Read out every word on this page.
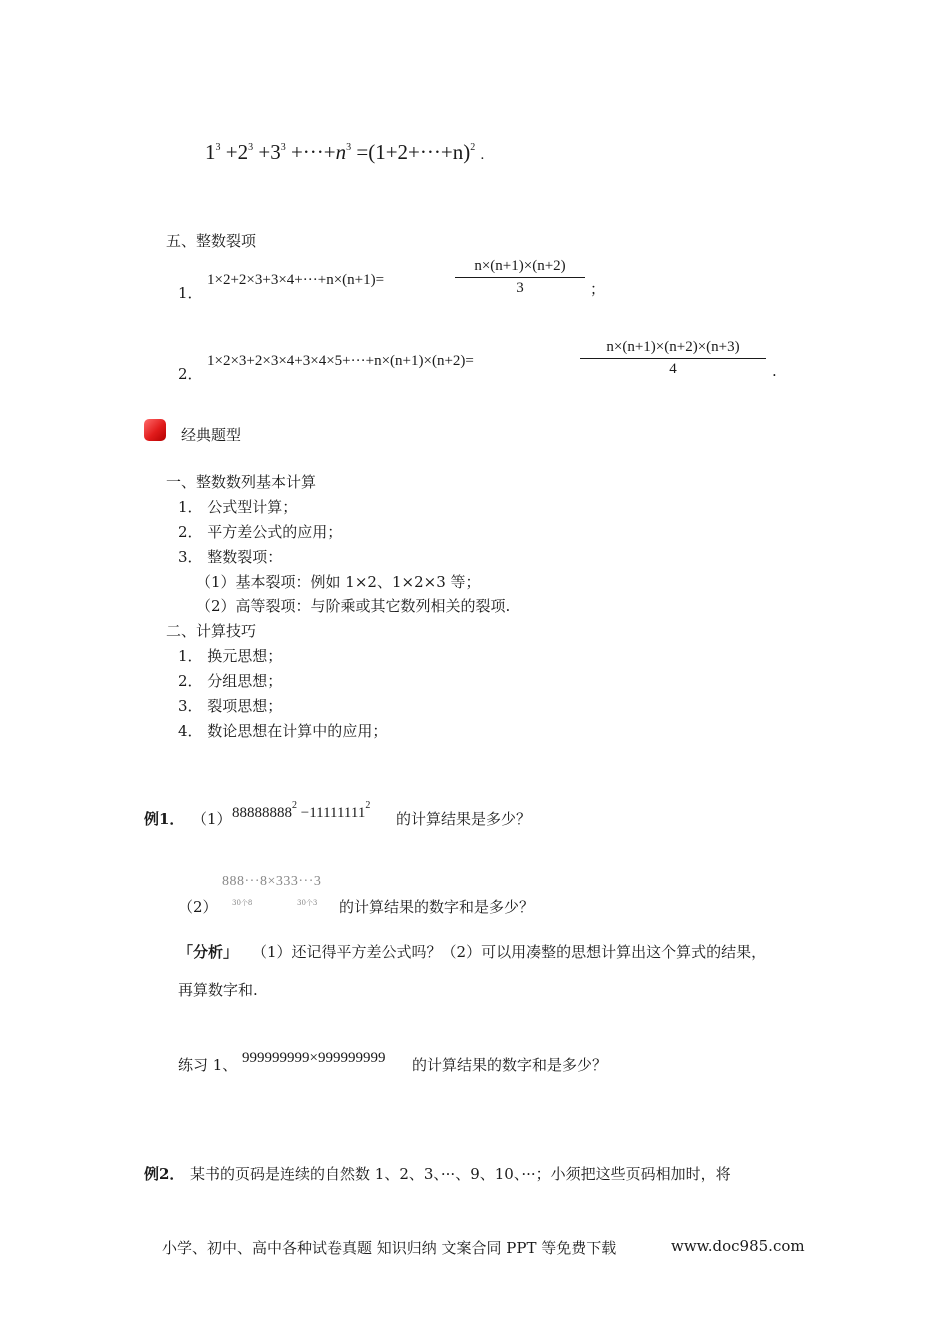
$1^3 +2^3 +3^3 +\cdot\cdot\cdot+n^3 =(1+2+\cdot\cdot\cdot+n)^2$ .
五、整数裂项
1．
1×2+2×3+3×4+···+n×(n+1)=
n×(n+1)×(n+2)
3	；
2．
1×2×3+2×3×4+3×4×5+···+n×(n+1)×(n+2)=
n×(n+1)×(n+2)×(n+3)
4	.
经典题型
一、整数数列基本计算
1． 公式型计算；
2． 平方差公式的应用；
3． 整数裂项：
（1）基本裂项：例如 1×2、1×2×3 等；
（2）高等裂项：与阶乘或其它数列相关的裂项.
二、计算技巧
1． 换元思想；
2． 分组思想；
3． 裂项思想；
4． 数论思想在计算中的应用；
例1． （1） $88888888^2 -11111111^2$
的计算结果是多少？
（2）
888···8×333···3
30个8	30个3 的计算结果的数字和是多少？
「分析」 （1）还记得平方差公式吗？（2）可以用凑整的思想计算出这个算式的结果，
再算数字和.
练习 1、 999999999×999999999 的计算结果的数字和是多少？
例2． 某书的页码是连续的自然数 1、2、3、···、9、10、···；小须把这些页码相加时，将
小学、初中、高中各种试卷真题 知识归纳 文案合同 PPT 等免费下载	www.doc985.com
